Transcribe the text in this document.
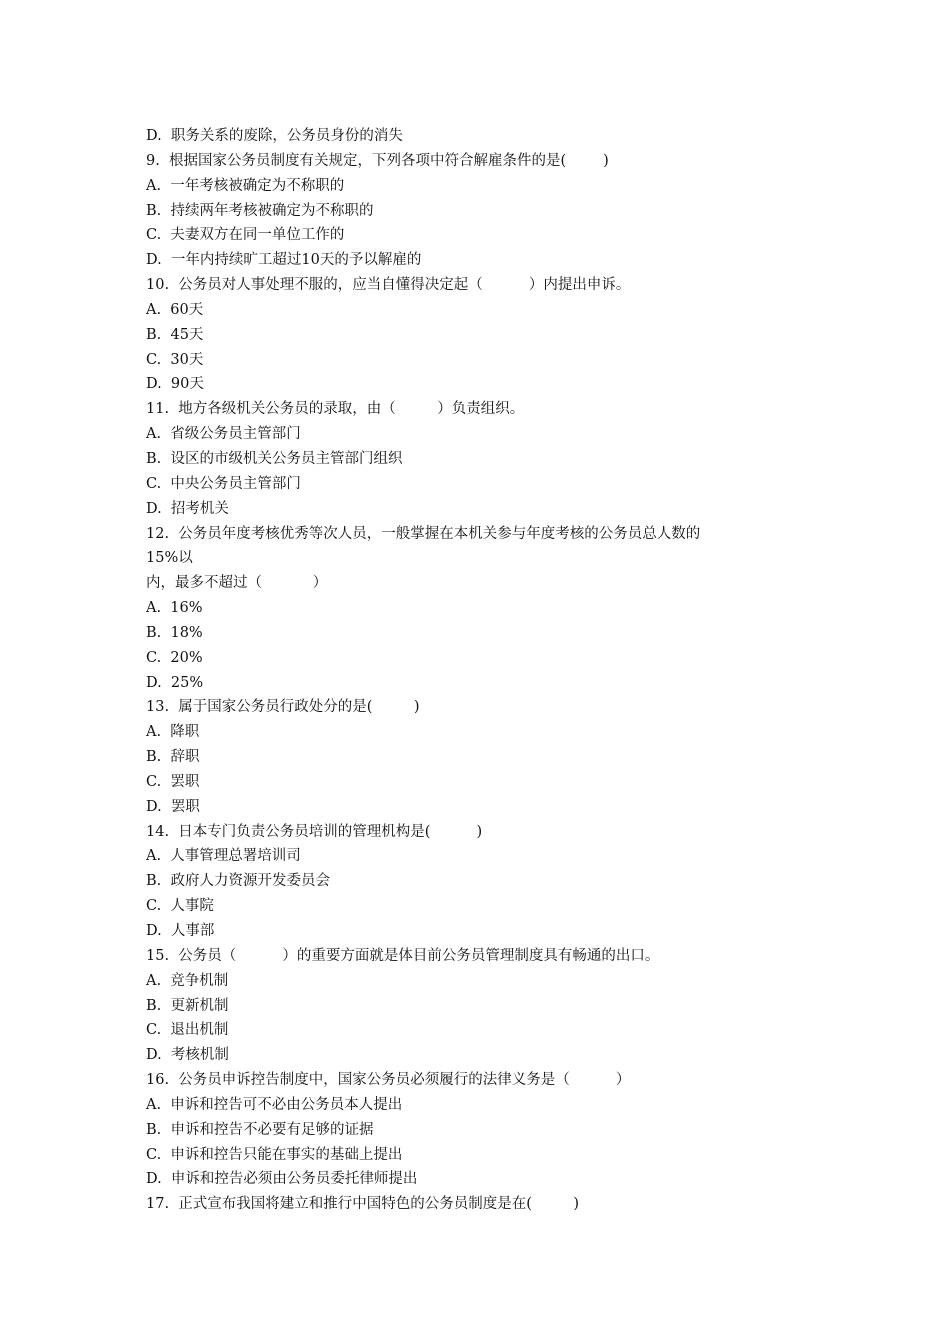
D.  职务关系的废除，公务员身份的消失
9.  根据国家公务员制度有关规定，下列各项中符合解雇条件的是(        )
A.  一年考核被确定为不称职的
B.  持续两年考核被确定为不称职的
C.  夫妻双方在同一单位工作的
D.  一年内持续旷工超过10天的予以解雇的
10.  公务员对人事处理不服的，应当自懂得决定起（          ）内提出申诉。
A.  60天
B.  45天
C.  30天
D.  90天
11.  地方各级机关公务员的录取，由（         ）负责组织。
A.  省级公务员主管部门
B.  设区的市级机关公务员主管部门组织
C.  中央公务员主管部门
D.  招考机关
12.  公务员年度考核优秀等次人员，一般掌握在本机关参与年度考核的公务员总人数的
15%以
内，最多不超过（           ）
A.  16%
B.  18%
C.  20%
D.  25%
13.  属于国家公务员行政处分的是(         )
A.  降职
B.  辞职
C.  罢职
D.  罢职
14.  日本专门负责公务员培训的管理机构是(          )
A.  人事管理总署培训司
B.  政府人力资源开发委员会
C.  人事院
D.  人事部
15.  公务员（          ）的重要方面就是体目前公务员管理制度具有畅通的出口。
A.  竞争机制
B.  更新机制
C.  退出机制
D.  考核机制
16.  公务员申诉控告制度中，国家公务员必须履行的法律义务是（          ）
A.  申诉和控告可不必由公务员本人提出
B.  申诉和控告不必要有足够的证据
C.  申诉和控告只能在事实的基础上提出
D.  申诉和控告必须由公务员委托律师提出
17.  正式宣布我国将建立和推行中国特色的公务员制度是在(         )
